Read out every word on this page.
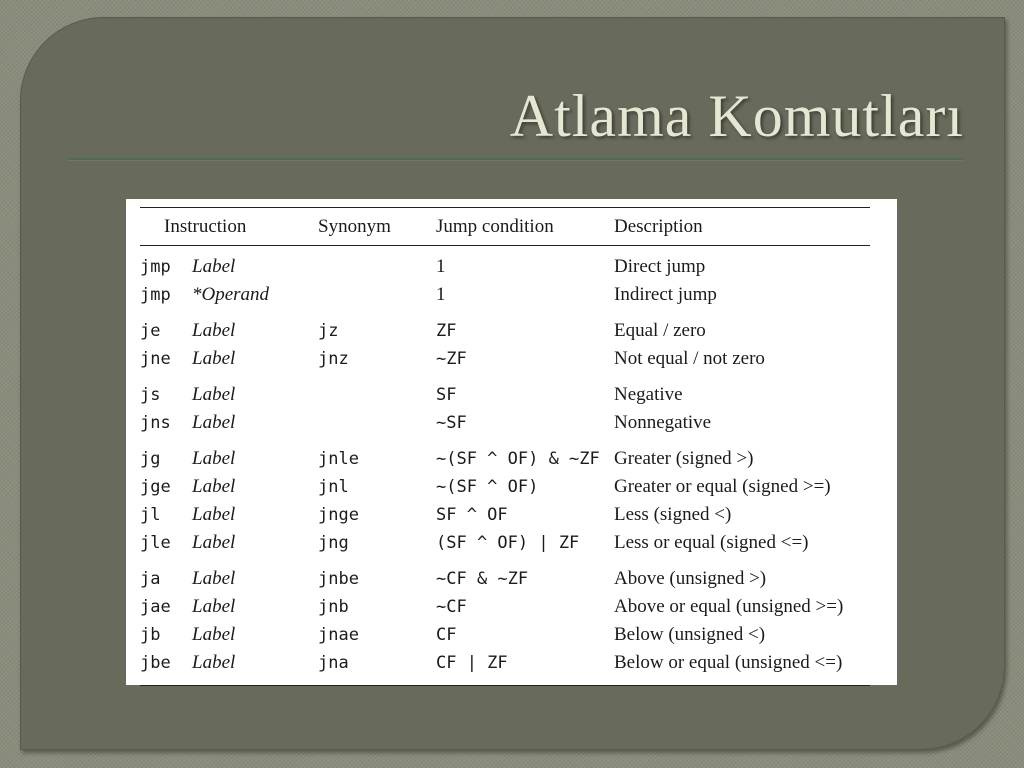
Atlama Komutları
Instruction		Synonym	Jump condition	Description
jmp	Label		1	Direct jump
jmp	*Operand		1	Indirect jump
je	Label	jz	ZF	Equal / zero
jne	Label	jnz	~ZF	Not equal / not zero
js	Label		SF	Negative
jns	Label		~SF	Nonnegative
jg	Label	jnle	~(SF ^ OF) & ~ZF	Greater (signed >)
jge	Label	jnl	~(SF ^ OF)	Greater or equal (signed >=)
jl	Label	jnge	SF ^ OF	Less (signed <)
jle	Label	jng	(SF ^ OF) | ZF	Less or equal (signed <=)
ja	Label	jnbe	~CF & ~ZF	Above (unsigned >)
jae	Label	jnb	~CF	Above or equal (unsigned >=)
jb	Label	jnae	CF	Below (unsigned <)
jbe	Label	jna	CF | ZF	Below or equal (unsigned <=)
